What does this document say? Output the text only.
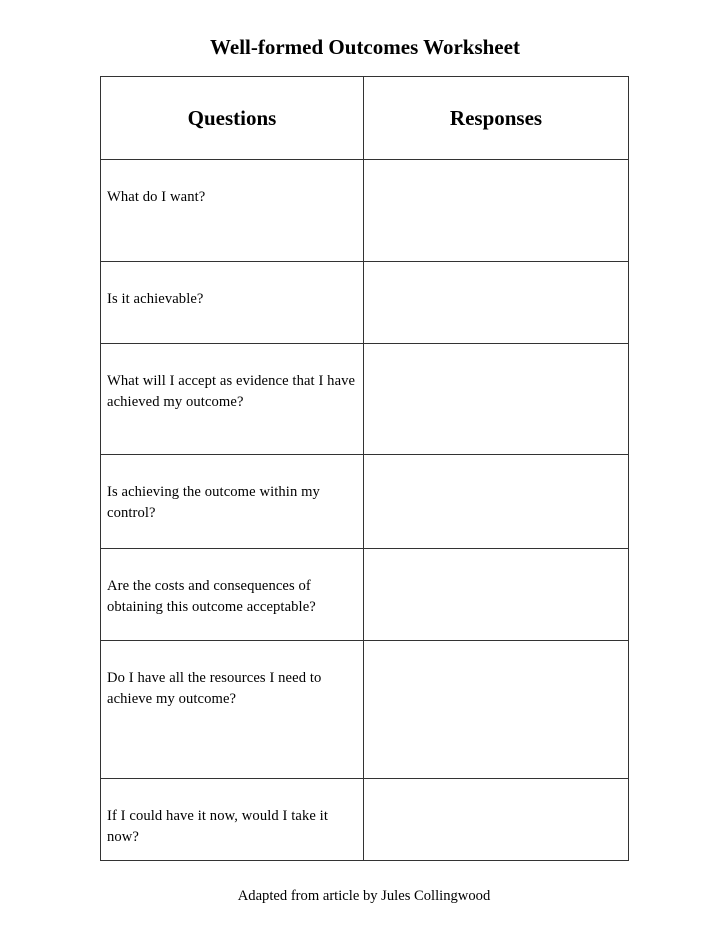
Well-formed Outcomes Worksheet
Questions	Responses
What do I want?	
Is it achievable?	
What will I accept as evidence that I have achieved my outcome?	
Is achieving the outcome within my control?	
Are the costs and consequences of obtaining this outcome acceptable?	
Do I have all the resources I need to achieve my outcome?	
If I could have it now, would I take it now?	

Adapted from article by Jules Collingwood
